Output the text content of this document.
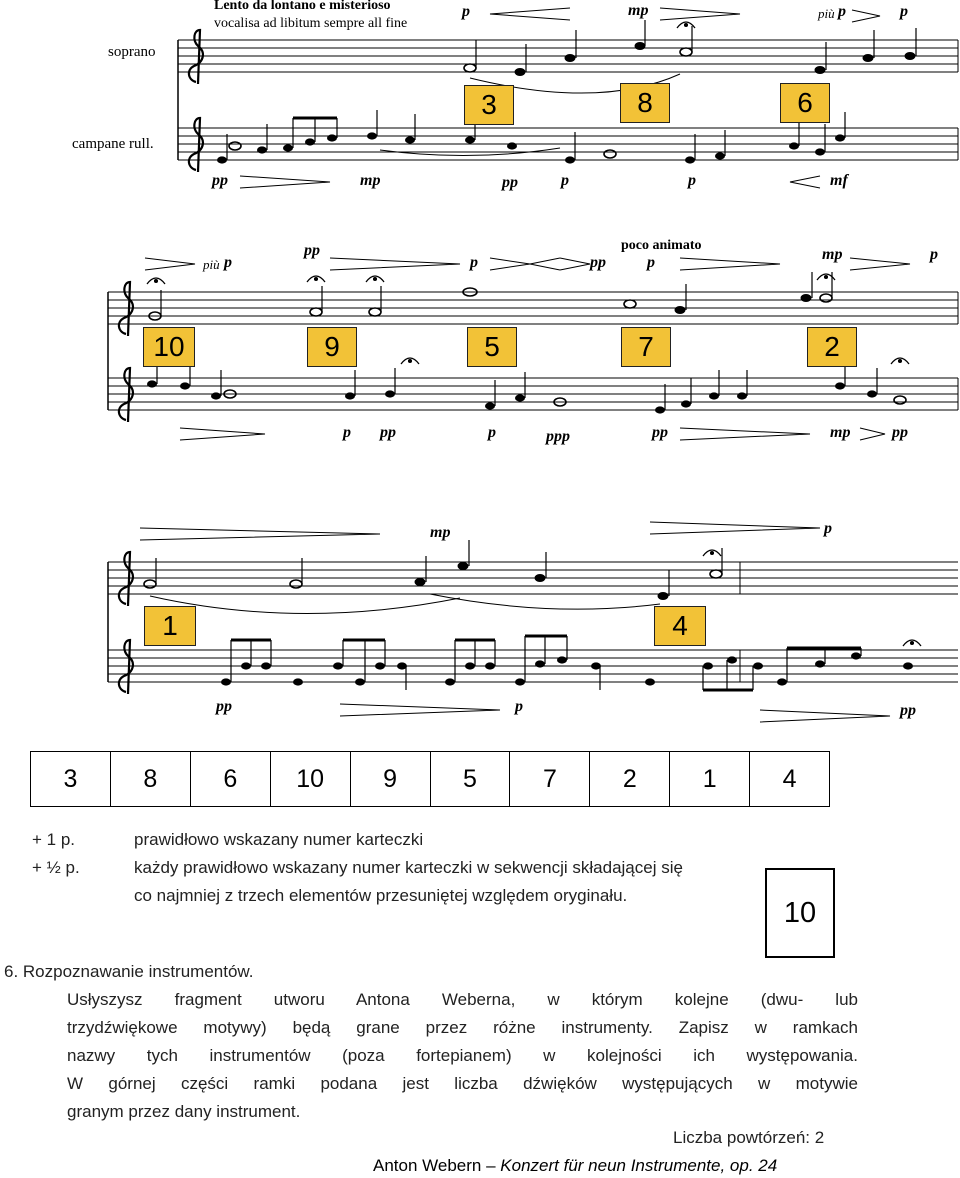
Lento da lontano e misterioso
vocalisa ad libitum sempre all fine
soprano
campane rull.
poco animato
p	mp	più p	p
pp	mp	pp	p	p	mf
più p
pp
p	pp	p	mp	p
p pp	p	ppp	pp	mp	pp
mp	p
pp	p	pp
3	8	6
10	9	5	7	2
1	4
3	8	6	10	9	5	7	2	1	4
+ 1 p.	prawidłowo wskazany numer karteczki
+ ½ p.	każdy prawidłowo wskazany numer karteczki w sekwencji składającej się
co najmniej z trzech elementów przesuniętej względem oryginału.
10
6. Rozpoznawanie instrumentów.
Usłyszysz fragment utworu Antona Weberna, w którym kolejne (dwu- lub
trzydźwiękowe motywy) będą grane przez różne instrumenty. Zapisz w ramkach
nazwy tych instrumentów (poza fortepianem) w kolejności ich występowania.
W górnej części ramki podana jest liczba dźwięków występujących w motywie
granym przez dany instrument.
Liczba powtórzeń: 2
Anton Webern – Konzert für neun Instrumente, op. 24
